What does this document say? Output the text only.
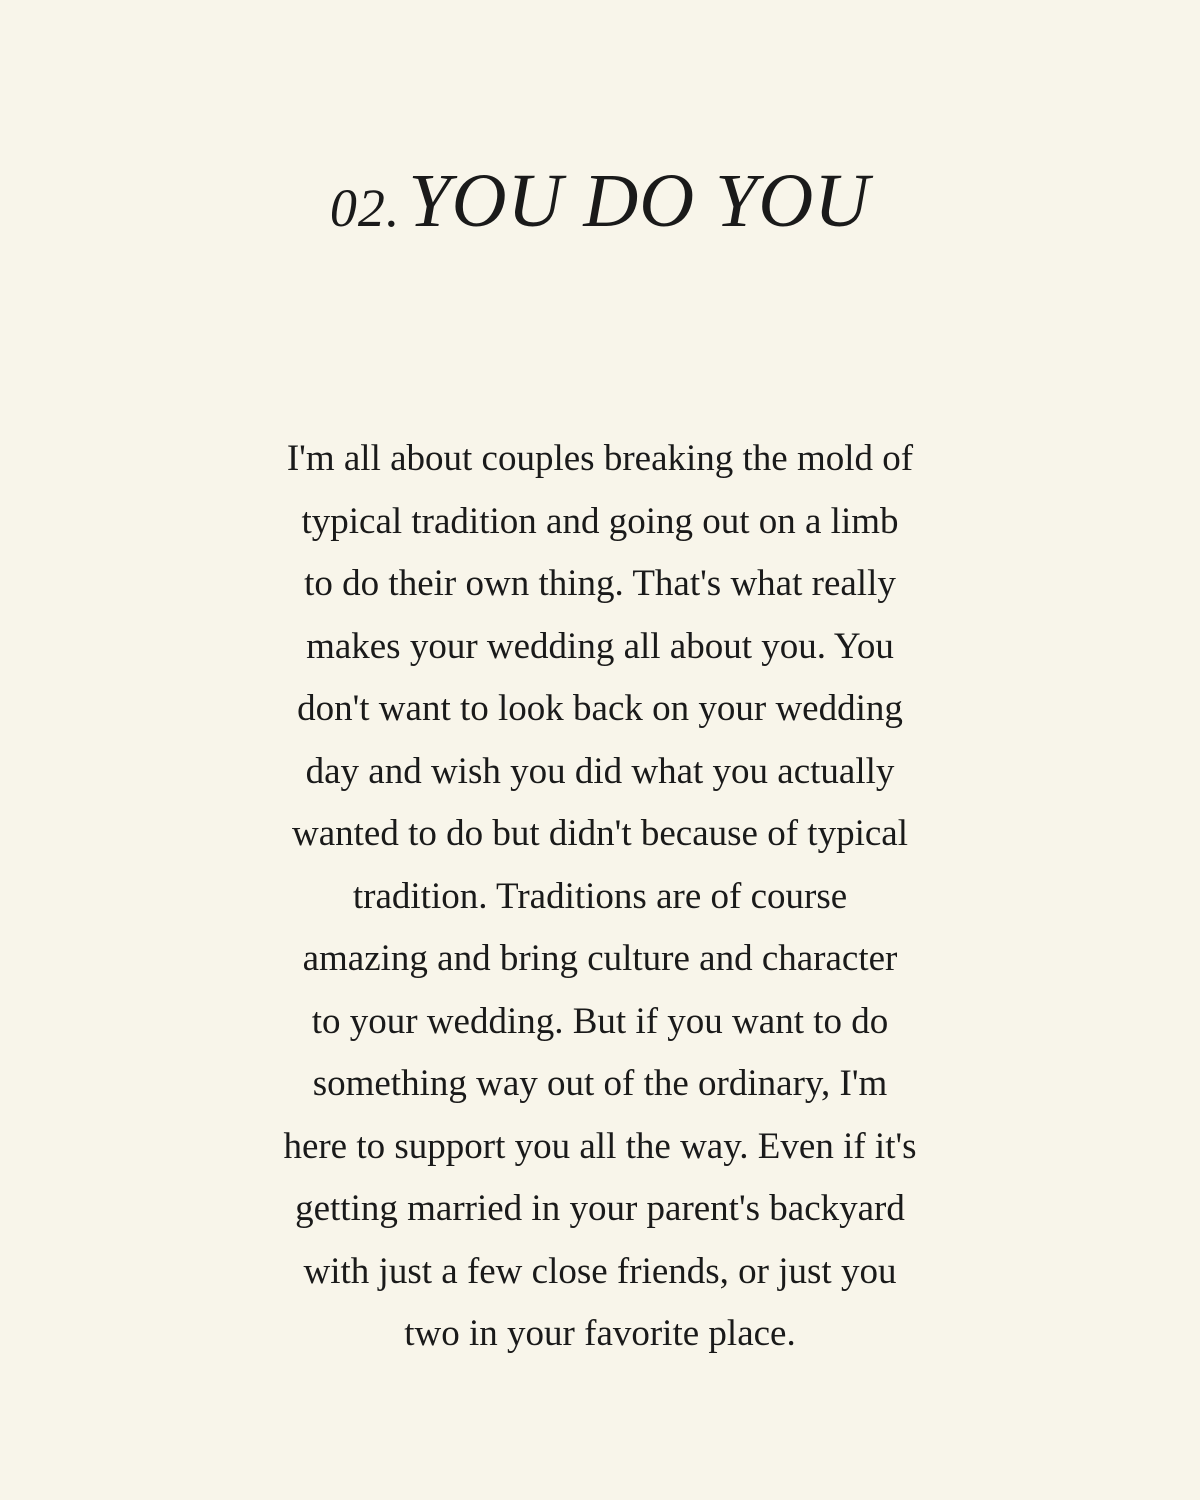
02. YOU DO YOU

I'm all about couples breaking the mold of
typical tradition and going out on a limb
to do their own thing. That's what really
makes your wedding all about you. You
don't want to look back on your wedding
day and wish you did what you actually
wanted to do but didn't because of typical
tradition. Traditions are of course
amazing and bring culture and character
to your wedding. But if you want to do
something way out of the ordinary, I'm
here to support you all the way. Even if it's
getting married in your parent's backyard
with just a few close friends, or just you
two in your favorite place.
